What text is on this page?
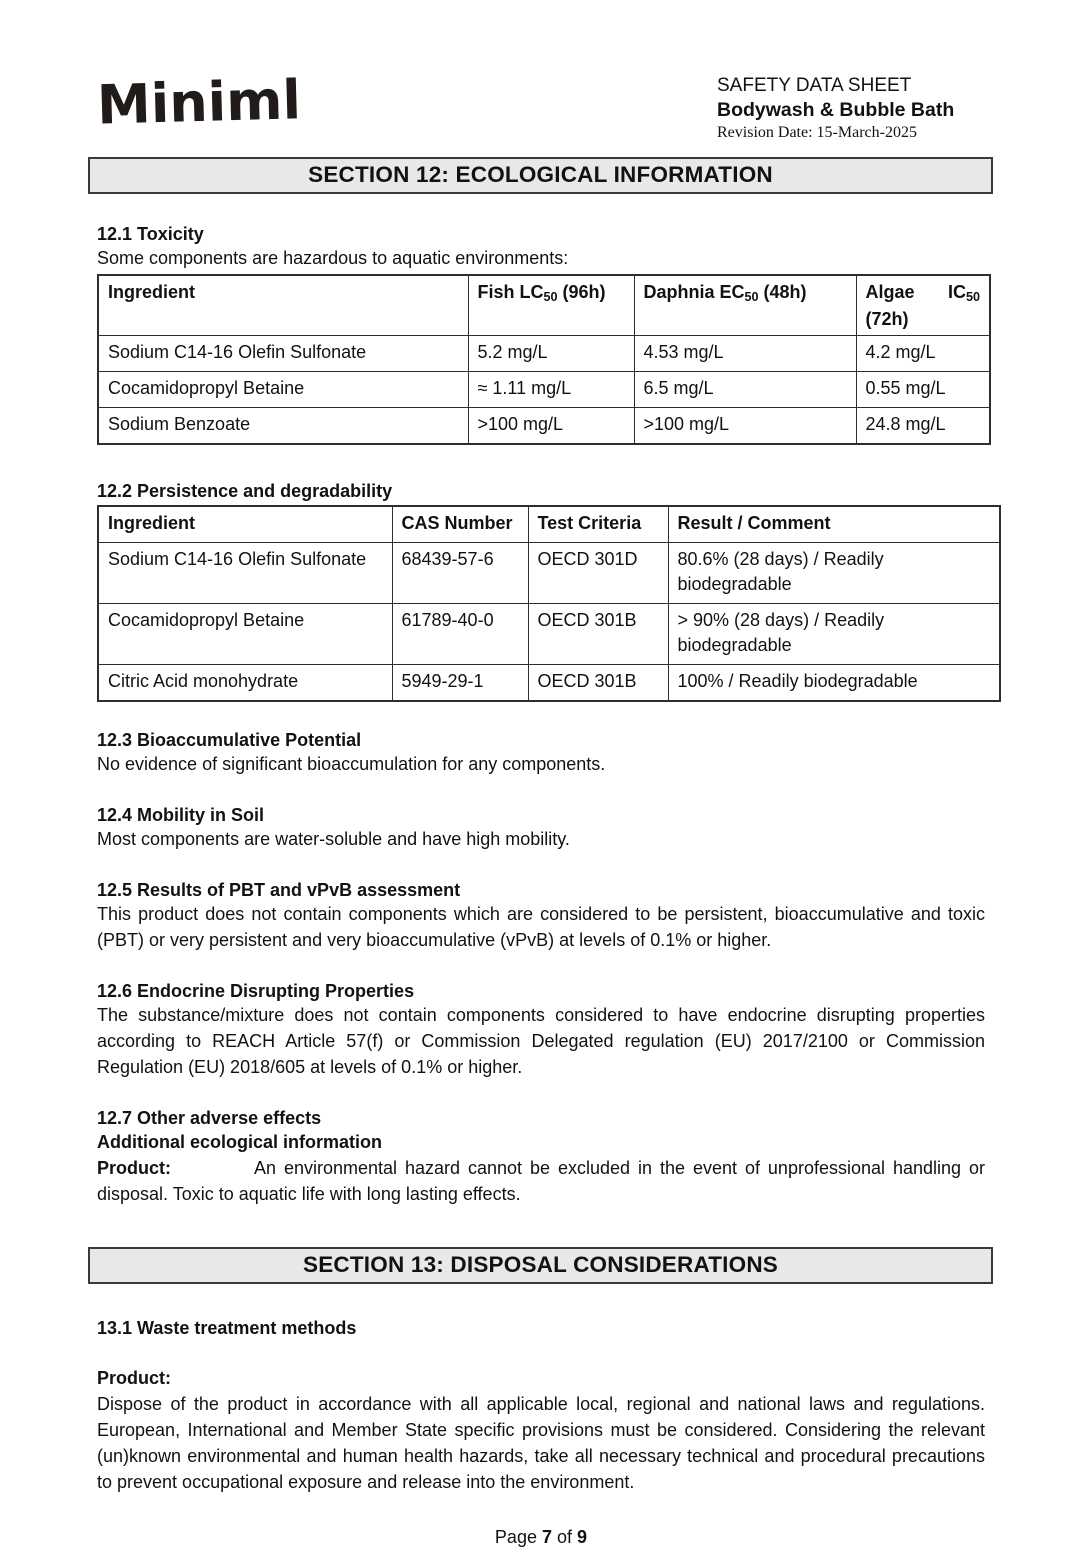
Miniml	SAFETY DATA SHEET
Bodywash & Bubble Bath
Revision Date: 15-March-2025
SECTION 12: ECOLOGICAL INFORMATION
12.1 Toxicity

Some components are hazardous to aquatic environments:

Ingredient	Fish $LC_{50}$ (96h)	Daphnia $EC_{50}$ (48h)	Algae $IC_{50}$
(72h)

Sodium C14-16 Olefin Sulfonate	5.2 mg/L	4.53 mg/L	4.2 mg/L
Cocamidopropyl Betaine	≈ 1.11 mg/L	6.5 mg/L	0.55 mg/L
Sodium Benzoate	>100 mg/L	>100 mg/L	24.8 mg/L
12.2 Persistence and degradability
Ingredient	CAS Number	Test Criteria	Result / Comment
Sodium C14-16 Olefin Sulfonate	68439-57-6	OECD 301D	80.6% (28 days) / Readily biodegradable
Cocamidopropyl Betaine	61789-40-0	OECD 301B	> 90% (28 days) / Readily biodegradable
Citric Acid monohydrate	5949-29-1	OECD 301B	100% / Readily biodegradable
12.3 Bioaccumulative Potential

No evidence of significant bioaccumulation for any components.

12.4 Mobility in Soil

Most components are water-soluble and have high mobility.

12.5 Results of PBT and vPvB assessment

This product does not contain components which are considered to be persistent, bioaccumulative and toxic (PBT) or very persistent and very bioaccumulative (vPvB) at levels of 0.1% or higher.

12.6 Endocrine Disrupting Properties

The substance/mixture does not contain components considered to have endocrine disrupting properties according to REACH Article 57(f) or Commission Delegated regulation (EU) 2017/2100 or Commission Regulation (EU) 2018/605 at levels of 0.1% or higher.

12.7 Other adverse effects

Additional ecological information

Product:	An environmental hazard cannot be excluded in the event of unprofessional handling or disposal. Toxic to aquatic life with long lasting effects.

SECTION 13: DISPOSAL CONSIDERATIONS
13.1 Waste treatment methods

Product:

Dispose of the product in accordance with all applicable local, regional and national laws and regulations. European, International and Member State specific provisions must be considered. Considering the relevant (un)known environmental and human health hazards, take all necessary technical and procedural precautions to prevent occupational exposure and release into the environment.

Page 7 of 9
